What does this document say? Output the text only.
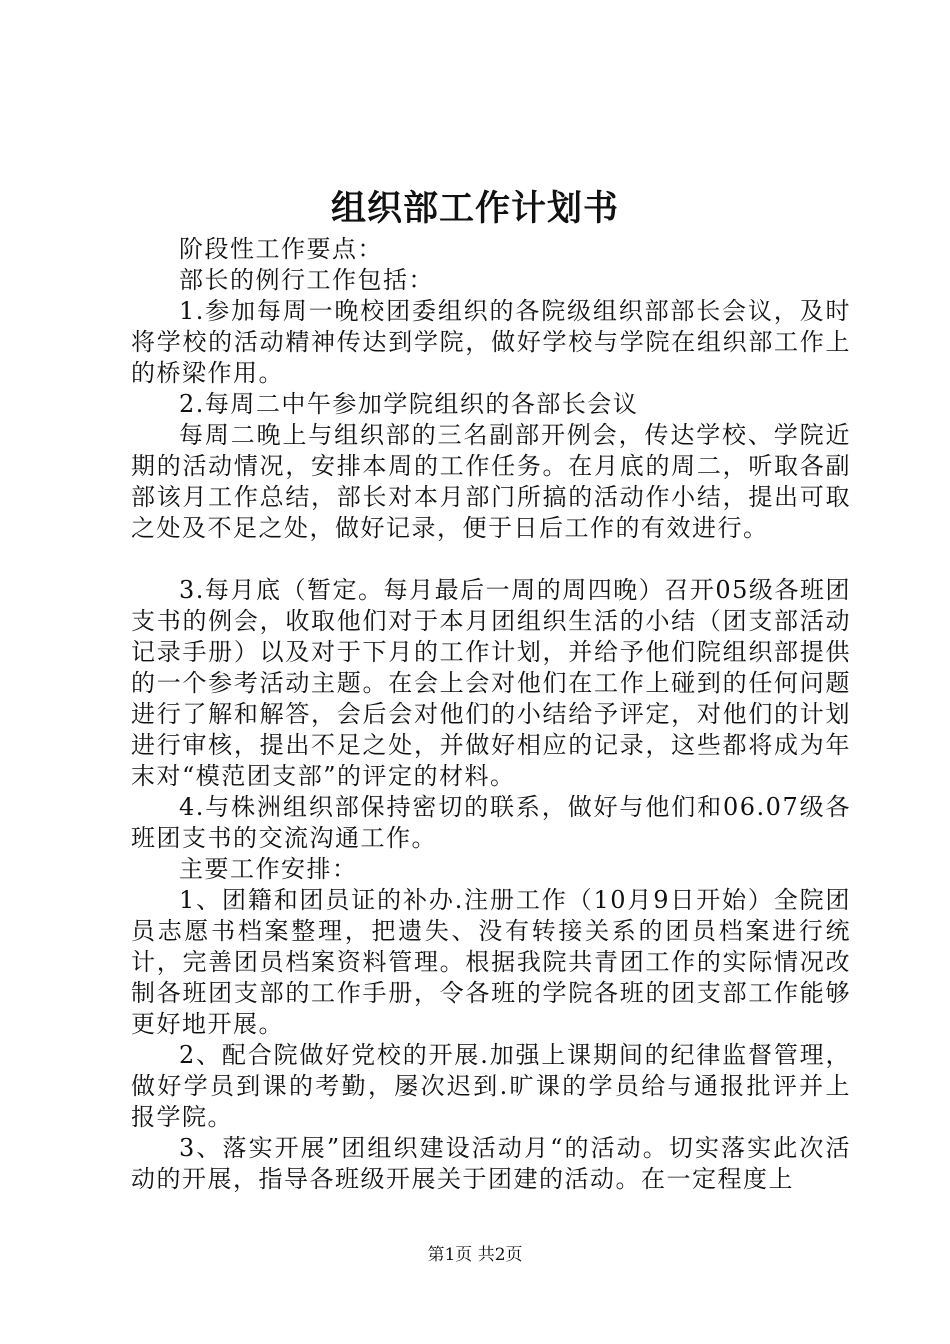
组织部工作计划书

阶段性工作要点：

部长的例行工作包括：

1.参加每周一晚校团委组织的各院级组织部部长会议，及时将学校的活动精神传达到学院，做好学校与学院在组织部工作上的桥梁作用。

2.每周二中午参加学院组织的各部长会议

每周二晚上与组织部的三名副部开例会，传达学校、学院近期的活动情况，安排本周的工作任务。在月底的周二，听取各副部该月工作总结，部长对本月部门所搞的活动作小结，提出可取之处及不足之处，做好记录，便于日后工作的有效进行。

3.每月底（暂定。每月最后一周的周四晚）召开05级各班团支书的例会，收取他们对于本月团组织生活的小结（团支部活动记录手册）以及对于下月的工作计划，并给予他们院组织部提供的一个参考活动主题。在会上会对他们在工作上碰到的任何问题进行了解和解答，会后会对他们的小结给予评定，对他们的计划进行审核，提出不足之处，并做好相应的记录，这些都将成为年末对“模范团支部”的评定的材料。

4.与株洲组织部保持密切的联系，做好与他们和06.07级各班团支书的交流沟通工作。

主要工作安排：

1、团籍和团员证的补办.注册工作（10月9日开始）全院团员志愿书档案整理，把遗失、没有转接关系的团员档案进行统计，完善团员档案资料管理。根据我院共青团工作的实际情况改制各班团支部的工作手册，令各班的学院各班的团支部工作能够更好地开展。

2、配合院做好党校的开展.加强上课期间的纪律监督管理，做好学员到课的考勤，屡次迟到.旷课的学员给与通报批评并上报学院。

3、落实开展”团组织建设活动月“的活动。切实落实此次活动的开展，指导各班级开展关于团建的活动。在一定程度上

第1页 共2页
